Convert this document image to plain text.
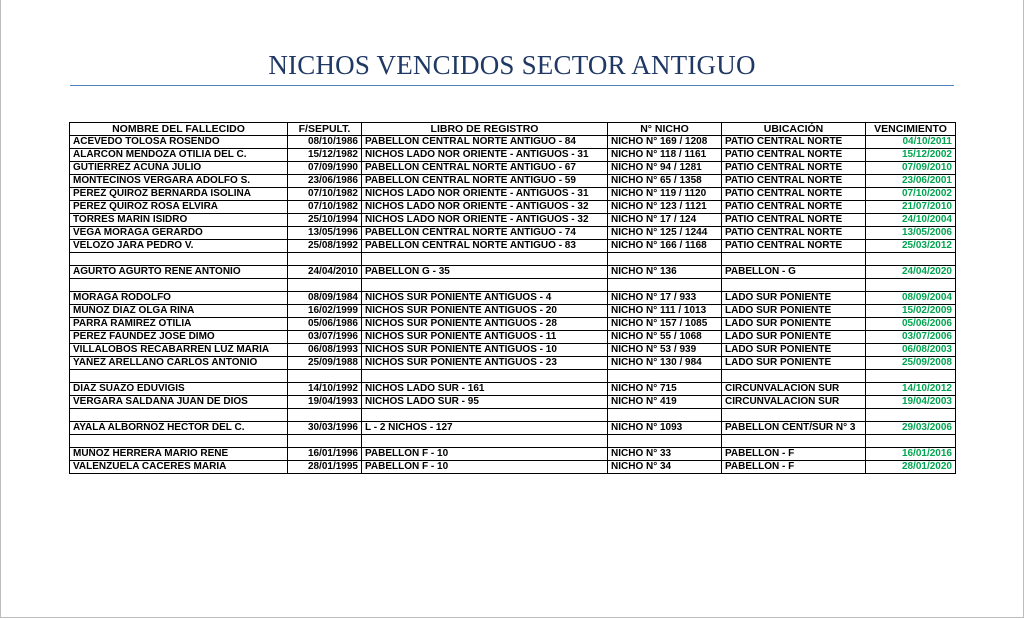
NICHOS VENCIDOS SECTOR ANTIGUO
NOMBRE DEL FALLECIDO	F/SEPULT.	LIBRO DE REGISTRO	N° NICHO	UBICACIÓN	VENCIMIENTO
ACEVEDO TOLOSA ROSENDO	08/10/1986	PABELLON CENTRAL NORTE ANTIGUO - 84	NICHO N° 169 / 1208	PATIO CENTRAL NORTE	04/10/2011
ALARCON MENDOZA OTILIA DEL C.	15/12/1982	NICHOS LADO NOR ORIENTE - ANTIGUOS - 31	NICHO N° 118 / 1161	PATIO CENTRAL NORTE	15/12/2002
GUTIERREZ ACUÑA JULIO	07/09/1990	PABELLON CENTRAL NORTE ANTIGUO - 67	NICHO N° 94 / 1281	PATIO CENTRAL NORTE	07/09/2010
MONTECINOS VERGARA ADOLFO S.	23/06/1986	PABELLON CENTRAL NORTE ANTIGUO - 59	NICHO N° 65 / 1358	PATIO CENTRAL NORTE	23/06/2001
PEREZ QUIROZ BERNARDA ISOLINA	07/10/1982	NICHOS LADO NOR ORIENTE - ANTIGUOS - 31	NICHO N° 119 / 1120	PATIO CENTRAL NORTE	07/10/2002
PEREZ QUIROZ ROSA ELVIRA	07/10/1982	NICHOS LADO NOR ORIENTE - ANTIGUOS - 32	NICHO N° 123 / 1121	PATIO CENTRAL NORTE	21/07/2010
TORRES MARIN ISIDRO	25/10/1994	NICHOS LADO NOR ORIENTE - ANTIGUOS - 32	NICHO N° 17 / 124	PATIO CENTRAL NORTE	24/10/2004
VEGA MORAGA GERARDO	13/05/1996	PABELLON CENTRAL NORTE ANTIGUO - 74	NICHO N° 125 / 1244	PATIO CENTRAL NORTE	13/05/2006
VELOZO JARA PEDRO V.	25/08/1992	PABELLON CENTRAL NORTE ANTIGUO - 83	NICHO N° 166 / 1168	PATIO CENTRAL NORTE	25/03/2012

AGURTO AGURTO RENE ANTONIO	24/04/2010	PABELLON G - 35	NICHO N° 136	PABELLON - G	24/04/2020

MORAGA RODOLFO	08/09/1984	NICHOS SUR PONIENTE ANTIGUOS - 4	NICHO N° 17 / 933	LADO SUR PONIENTE	08/09/2004
MUÑOZ DIAZ OLGA RINA	16/02/1999	NICHOS SUR PONIENTE ANTIGUOS - 20	NICHO N° 111 / 1013	LADO SUR PONIENTE	15/02/2009
PARRA RAMIREZ OTILIA	05/06/1986	NICHOS SUR PONIENTE ANTIGUOS - 28	NICHO N° 157 / 1085	LADO SUR PONIENTE	05/06/2006
PEREZ FAUNDEZ JOSE DIMO	03/07/1996	NICHOS SUR PONIENTE ANTIGUOS - 11	NICHO N° 55 / 1068	LADO SUR PONIENTE	03/07/2006
VILLALOBOS RECABARREN LUZ MARIA	06/08/1993	NICHOS SUR PONIENTE ANTIGUOS - 10	NICHO N° 53 / 939	LADO SUR PONIENTE	06/08/2003
YAÑEZ ARELLANO CARLOS ANTONIO	25/09/1988	NICHOS SUR PONIENTE ANTIGUOS - 23	NICHO N° 130 / 984	LADO SUR PONIENTE	25/09/2008

DIAZ SUAZO EDUVIGIS	14/10/1992	NICHOS LADO SUR - 161	NICHO N° 715	CIRCUNVALACION SUR	14/10/2012
VERGARA SALDAÑA JUAN DE DIOS	19/04/1993	NICHOS LADO SUR - 95	NICHO N° 419	CIRCUNVALACION SUR	19/04/2003

AYALA ALBORNOZ HECTOR DEL C.	30/03/1996	L - 2 NICHOS - 127	NICHO N° 1093	PABELLON CENT/SUR N° 3	29/03/2006

MUÑOZ HERRERA MARIO RENE	16/01/1996	PABELLON F - 10	NICHO N° 33	PABELLON - F	16/01/2016
VALENZUELA CACERES MARIA	28/01/1995	PABELLON F - 10	NICHO N° 34	PABELLON - F	28/01/2020
